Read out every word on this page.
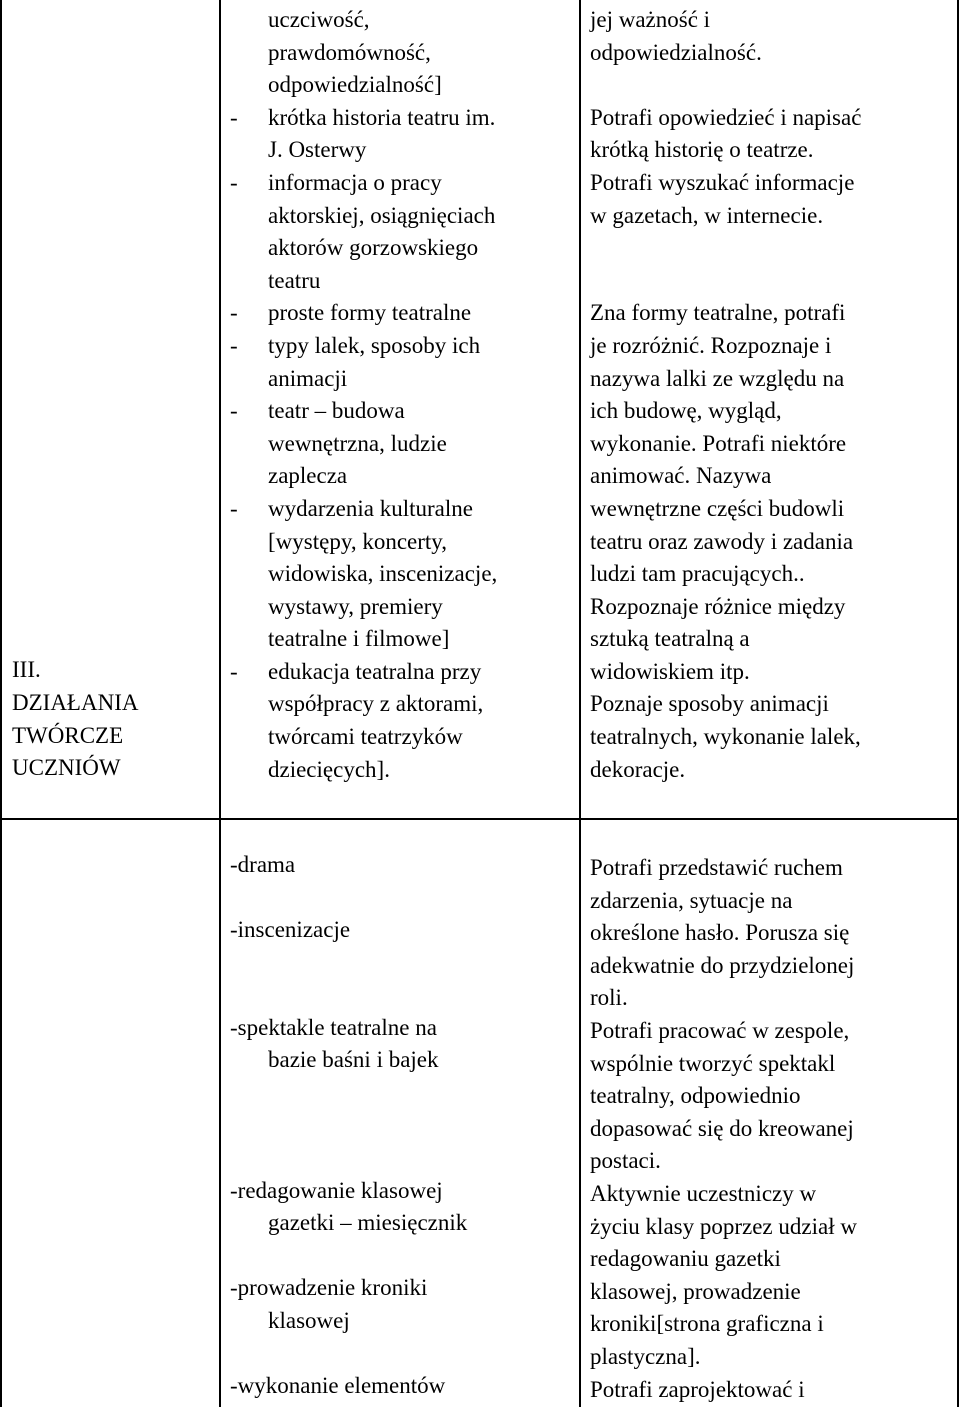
III.

DZIAŁANIA

TWÓRCZE

UCZNIÓW

uczciwość,

prawdomówność,

odpowiedzialność]

- krótka historia teatru im.

J. Osterwy

- informacja o pracy

aktorskiej, osiągnięciach

aktorów gorzowskiego

teatru

- proste formy teatralne

- typy lalek, sposoby ich

animacji

- teatr – budowa

wewnętrzna, ludzie

zaplecza

- wydarzenia kulturalne

[występy, koncerty,

widowiska, inscenizacje,

wystawy, premiery

teatralne i filmowe]

- edukacja teatralna przy

współpracy z aktorami,

twórcami teatrzyków

dziecięcych].

jej ważność i

odpowiedzialność.

Potrafi opowiedzieć i napisać

krótką historię o teatrze.

Potrafi wyszukać informacje

w gazetach, w internecie.

Zna formy teatralne, potrafi

je rozróżnić. Rozpoznaje i

nazywa lalki ze względu na

ich budowę, wygląd,

wykonanie. Potrafi niektóre

animować. Nazywa

wewnętrzne części budowli

teatru oraz zawody i zadania

ludzi tam pracujących..

Rozpoznaje różnice między

sztuką teatralną a

widowiskiem itp.

Poznaje sposoby animacji

teatralnych, wykonanie lalek,

dekoracje.

-drama

-inscenizacje

-spektakle teatralne na

bazie baśni i bajek

-redagowanie klasowej

gazetki – miesięcznik

-prowadzenie kroniki

klasowej

-wykonanie elementów

Potrafi przedstawić ruchem

zdarzenia, sytuacje na

określone hasło. Porusza się

adekwatnie do przydzielonej

roli.

Potrafi pracować w zespole,

wspólnie tworzyć spektakl

teatralny, odpowiednio

dopasować się do kreowanej

postaci.

Aktywnie uczestniczy w

życiu klasy poprzez udział w

redagowaniu gazetki

klasowej, prowadzenie

kroniki[strona graficzna i

plastyczna].

Potrafi zaprojektować i
